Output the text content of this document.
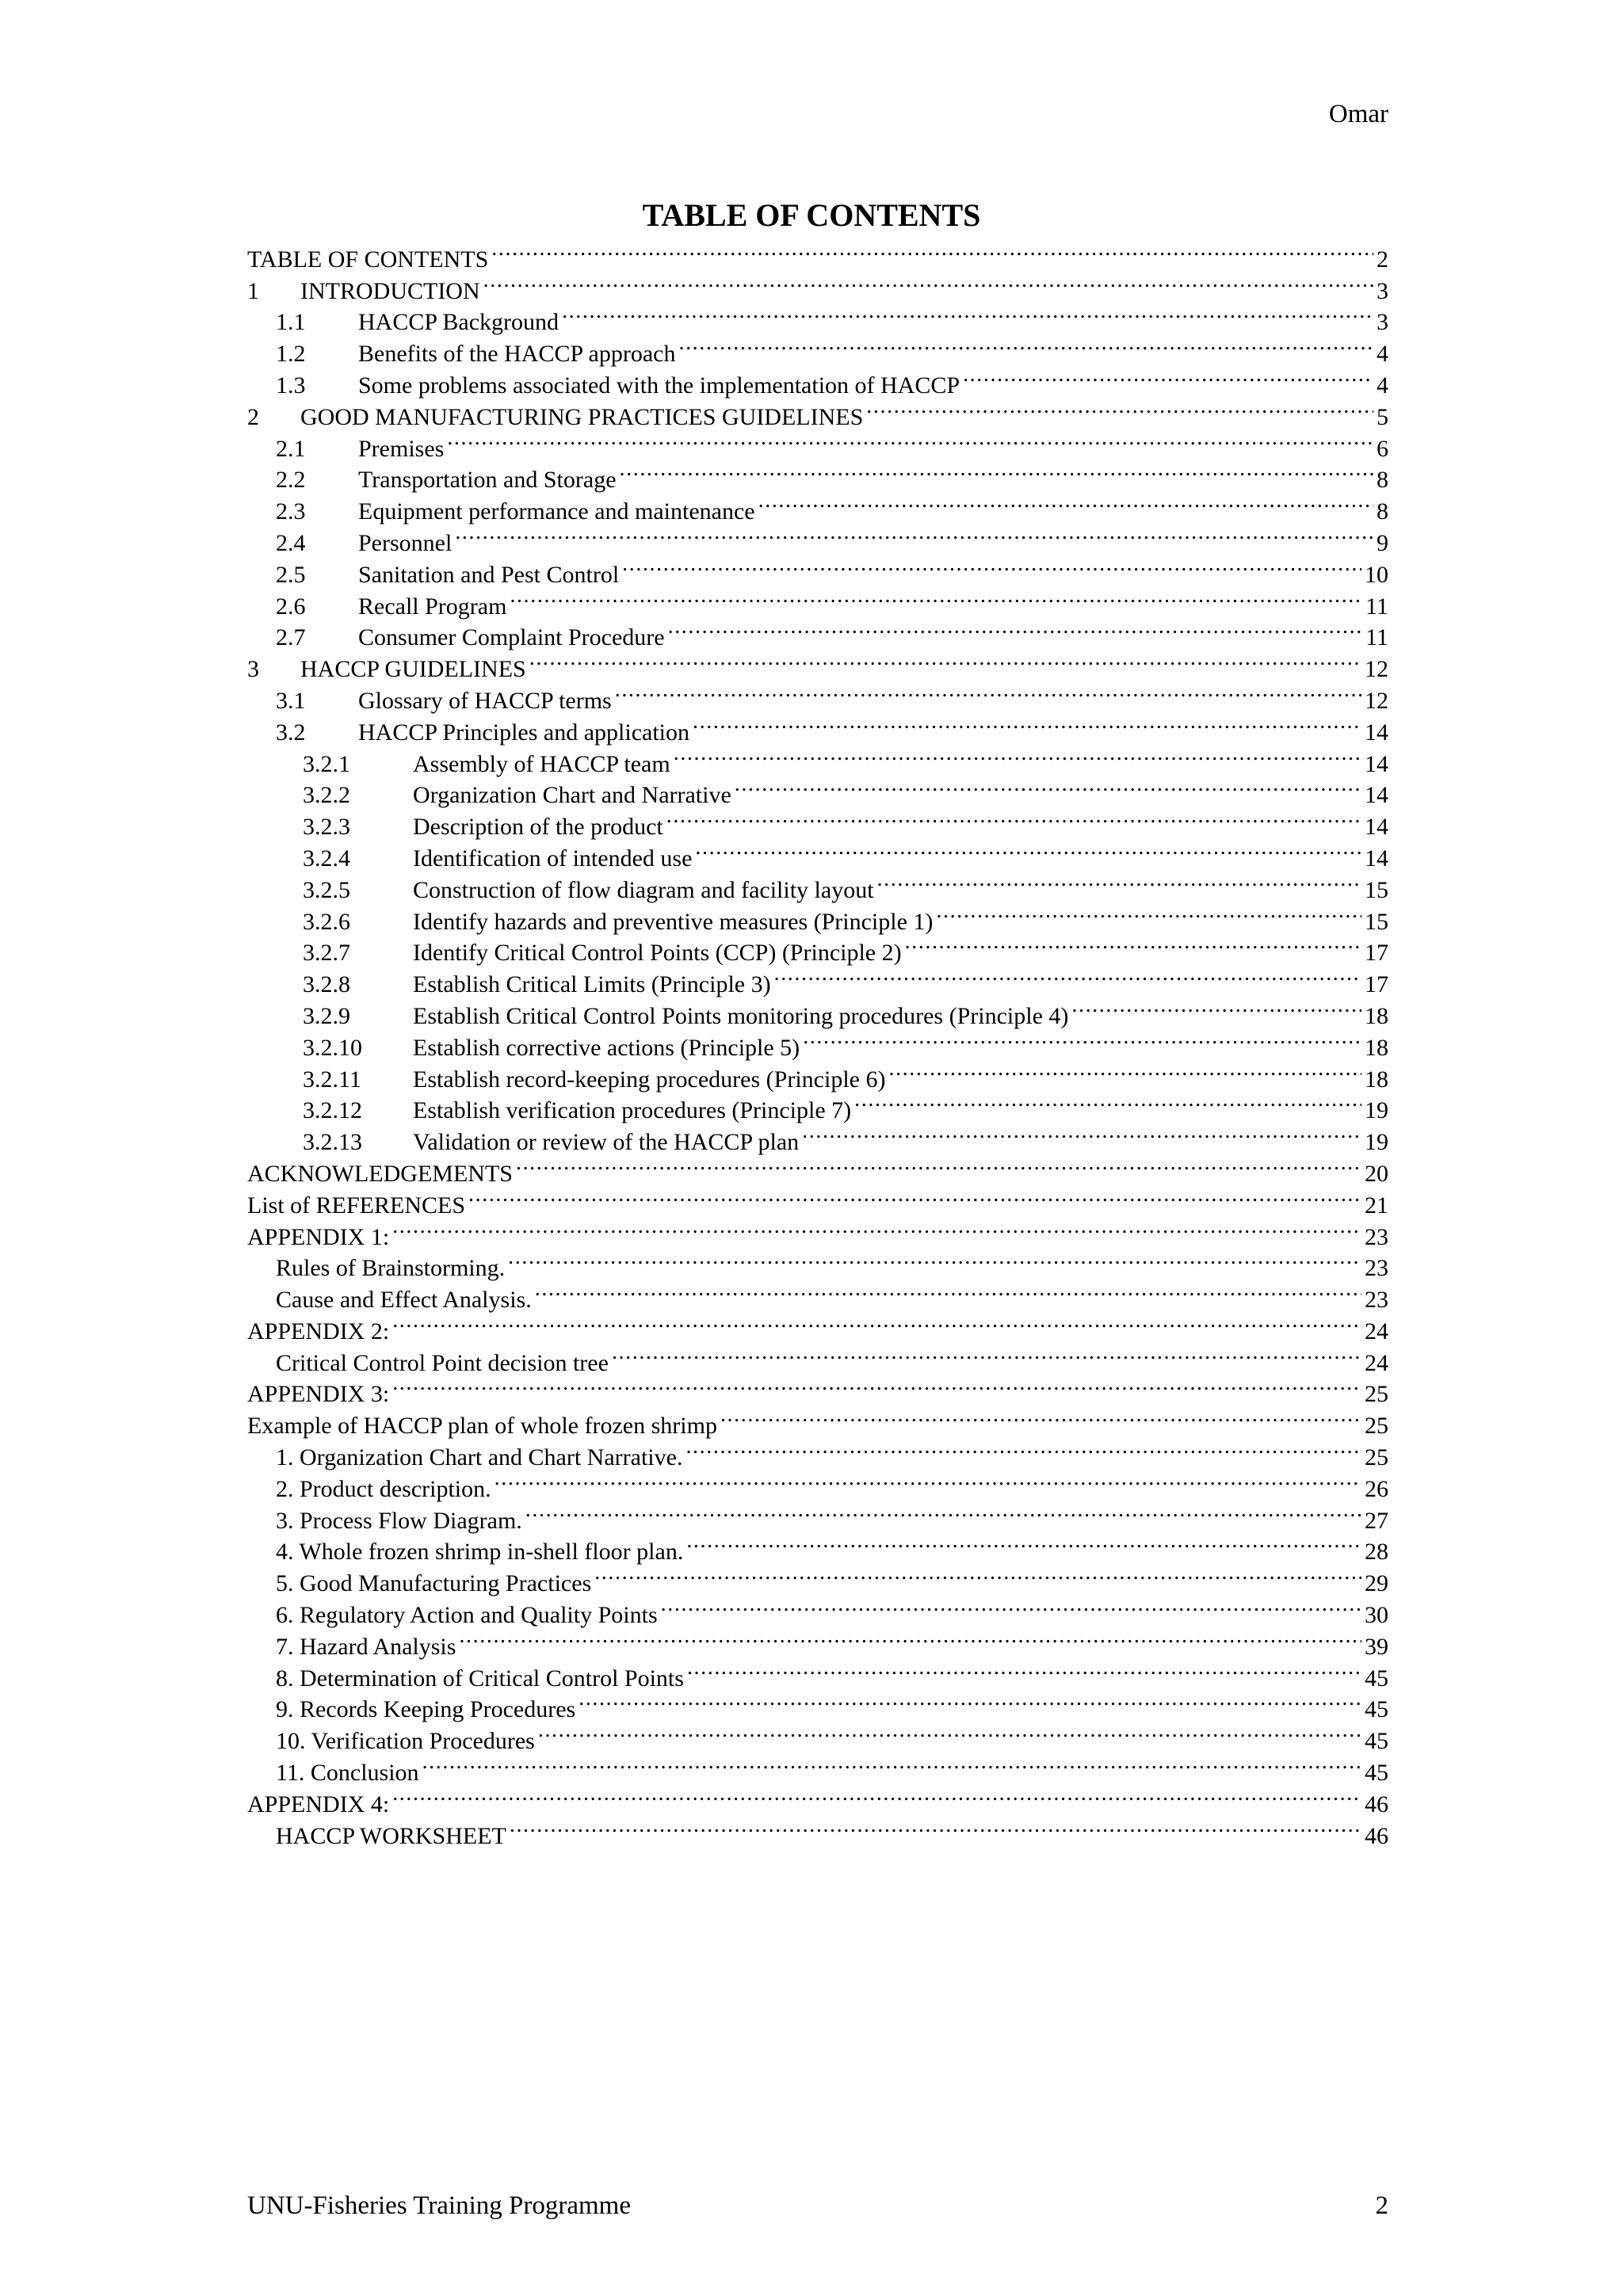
Omar
TABLE OF CONTENTS
TABLE OF CONTENTS .....	2
1	INTRODUCTION .....	3
1.1	HACCP Background .....	3
1.2	Benefits of the HACCP approach .....	4
1.3	Some problems associated with the implementation of HACCP .....	4
2	GOOD MANUFACTURING PRACTICES GUIDELINES .....	5
2.1	Premises .....	6
2.2	Transportation and Storage .....	8
2.3	Equipment performance and maintenance .....	8
2.4	Personnel .....	9
2.5	Sanitation and Pest Control .....	10
2.6	Recall Program .....	11
2.7	Consumer Complaint Procedure .....	11
3	HACCP GUIDELINES .....	12
3.1	Glossary of HACCP terms .....	12
3.2	HACCP Principles and application .....	14
3.2.1	Assembly of HACCP team .....	14
3.2.2	Organization Chart and Narrative .....	14
3.2.3	Description of the product .....	14
3.2.4	Identification of intended use .....	14
3.2.5	Construction of flow diagram and facility layout .....	15
3.2.6	Identify hazards and preventive measures (Principle 1) .....	15
3.2.7	Identify Critical Control Points (CCP) (Principle 2) .....	17
3.2.8	Establish Critical Limits (Principle 3) .....	17
3.2.9	Establish Critical Control Points monitoring procedures (Principle 4) .....	18
3.2.10	Establish corrective actions (Principle 5) .....	18
3.2.11	Establish record-keeping procedures (Principle 6) .....	18
3.2.12	Establish verification procedures (Principle 7) .....	19
3.2.13	Validation or review of the HACCP plan .....	19
ACKNOWLEDGEMENTS .....	20
List of REFERENCES .....	21
APPENDIX 1: .....	23
Rules of Brainstorming. .....	23
Cause and Effect Analysis. .....	23
APPENDIX 2: .....	24
Critical Control Point decision tree .....	24
APPENDIX 3: .....	25
Example of HACCP plan of whole frozen shrimp .....	25
1. Organization Chart and Chart Narrative. .....	25
2. Product description. .....	26
3. Process Flow Diagram. .....	27
4. Whole frozen shrimp in-shell floor plan. .....	28
5. Good Manufacturing Practices .....	29
6. Regulatory Action and Quality Points .....	30
7. Hazard Analysis .....	39
8. Determination of Critical Control Points .....	45
9. Records Keeping Procedures .....	45
10. Verification Procedures .....	45
11. Conclusion .....	45
APPENDIX 4: .....	46
HACCP WORKSHEET .....	46
UNU-Fisheries Training Programme	2
